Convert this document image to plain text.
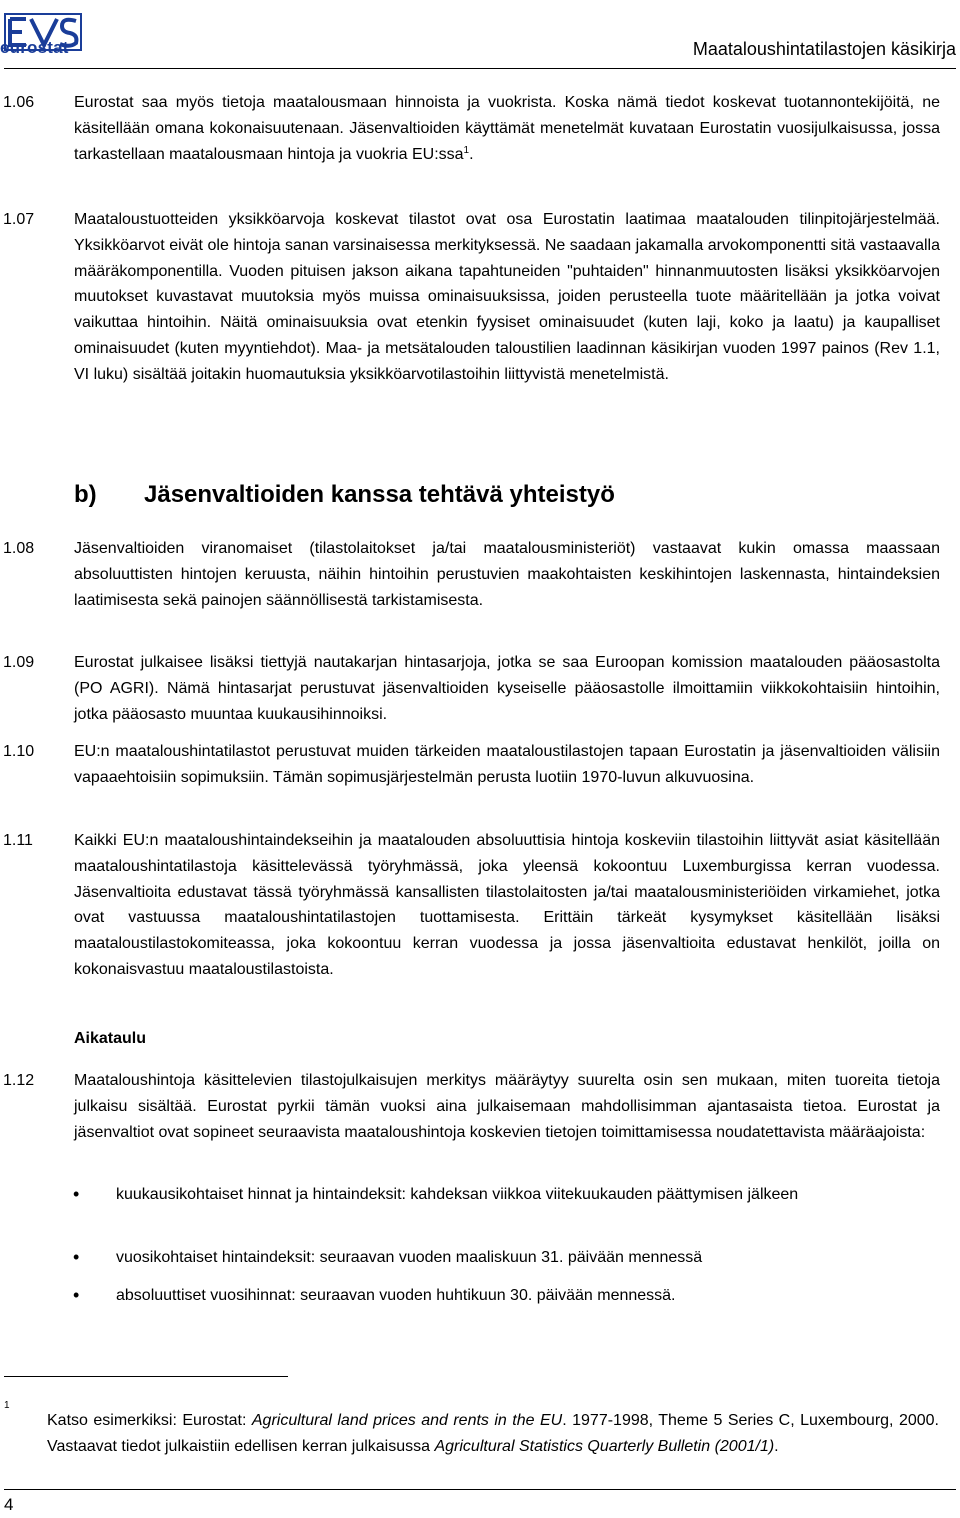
eurostat	Maataloushintatilastojen käsikirja
1.06 Eurostat saa myös tietoja maatalousmaan hinnoista ja vuokrista. Koska nämä tiedot koskevat tuotannontekijöitä, ne käsitellään omana kokonaisuutenaan. Jäsenvaltioiden käyttämät menetelmät kuvataan Eurostatin vuosijulkaisussa, jossa tarkastellaan maatalousmaan hintoja ja vuokria EU:ssa$^1$.
1.07 Maataloustuotteiden yksikköarvoja koskevat tilastot ovat osa Eurostatin laatimaa maatalouden tilinpitojärjestelmää. Yksikköarvot eivät ole hintoja sanan varsinaisessa merkityksessä. Ne saadaan jakamalla arvokomponentti sitä vastaavalla määräkomponentilla. Vuoden pituisen jakson aikana tapahtuneiden "puhtaiden" hinnanmuutosten lisäksi yksikköarvojen muutokset kuvastavat muutoksia myös muissa ominaisuuksissa, joiden perusteella tuote määritellään ja jotka voivat vaikuttaa hintoihin. Näitä ominaisuuksia ovat etenkin fyysiset ominaisuudet (kuten laji, koko ja laatu) ja kaupalliset ominaisuudet (kuten myyntiehdot). Maa- ja metsätalouden taloustilien laadinnan käsikirjan vuoden 1997 painos (Rev 1.1, VI luku) sisältää joitakin huomautuksia yksikköarvotilastoihin liittyvistä menetelmistä.
b) Jäsenvaltioiden kanssa tehtävä yhteistyö
1.08 Jäsenvaltioiden viranomaiset (tilastolaitokset ja/tai maatalousministeriöt) vastaavat kukin omassa maassaan absoluuttisten hintojen keruusta, näihin hintoihin perustuvien maakohtaisten keskihintojen laskennasta, hintaindeksien laatimisesta sekä painojen säännöllisestä tarkistamisesta.
1.09 Eurostat julkaisee lisäksi tiettyjä nautakarjan hintasarjoja, jotka se saa Euroopan komission maatalouden pääosastolta (PO AGRI). Nämä hintasarjat perustuvat jäsenvaltioiden kyseiselle pääosastolle ilmoittamiin viikkokohtaisiin hintoihin, jotka pääosasto muuntaa kuukausihinnoiksi.
1.10 EU:n maataloushintatilastot perustuvat muiden tärkeiden maataloustilastojen tapaan Eurostatin ja jäsenvaltioiden välisiin vapaaehtoisiin sopimuksiin. Tämän sopimusjärjestelmän perusta luotiin 1970-luvun alkuvuosina.
1.11	Kaikki EU:n maataloushintaindekseihin ja maatalouden absoluuttisia hintoja koskeviin tilastoihin liittyvät asiat käsitellään maataloushintatilastoja käsittelevässä työryhmässä, joka yleensä kokoontuu Luxemburgissa kerran vuodessa. Jäsenvaltioita edustavat tässä työryhmässä kansallisten tilastolaitosten ja/tai maatalousministeriöiden virkamiehet, jotka ovat vastuussa maataloushintatilastojen tuottamisesta. Erittäin tärkeät kysymykset käsitellään lisäksi maataloustilastokomiteassa, joka kokoontuu kerran vuodessa ja jossa jäsenvaltioita edustavat henkilöt, joilla on kokonaisvastuu maataloustilastoista.
Aikataulu
1.12 Maataloushintoja käsittelevien tilastojulkaisujen merkitys määräytyy suurelta osin sen mukaan, miten tuoreita tietoja julkaisu sisältää. Eurostat pyrkii tämän vuoksi aina julkaisemaan mahdollisimman ajantasaista tietoa. Eurostat ja jäsenvaltiot ovat sopineet seuraavista maataloushintoja koskevien tietojen toimittamisessa noudatettavista määräajoista:
• kuukausikohtaiset hinnat ja hintaindeksit: kahdeksan viikkoa viitekuukauden päättymisen jälkeen
• vuosikohtaiset hintaindeksit: seuraavan vuoden maaliskuun 31. päivään mennessä
• absoluuttiset vuosihinnat: seuraavan vuoden huhtikuun 30. päivään mennessä.
1
Katso esimerkiksi: Eurostat: Agricultural land prices and rents in the EU. 1977-1998, Theme 5 Series C, Luxembourg, 2000. Vastaavat tiedot julkaistiin edellisen kerran julkaisussa Agricultural Statistics Quarterly Bulletin (2001/1).
4
